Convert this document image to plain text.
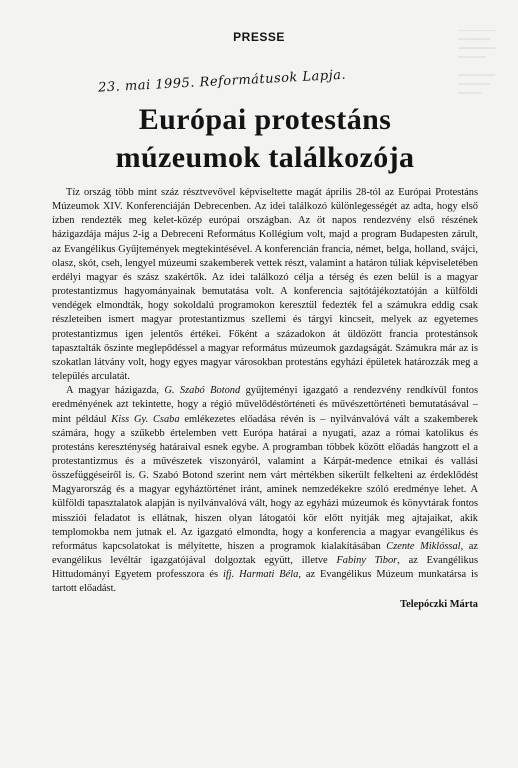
▔▔▔▔▔▔▔▔
▔▔▔▔▔▔▔
▔▔▔▔▔▔▔▔
▔▔▔▔▔▔

▔▔▔▔▔▔▔▔
▔▔▔▔▔▔▔
▔▔▔▔▔

PRESSE
23. mai 1995. Reformátusok Lapja.
Európai protestáns
múzeumok találkozója

Tíz ország több mint száz résztvevővel képviseltette magát április 28-tól az Európai Protestáns Múzeumok XIV. Konferenciáján Debrecenben. Az idei találkozó különlegességét az adta, hogy első ízben rendezték meg kelet-közép európai országban. Az öt napos rendezvény első részének házigazdája május 2-ig a Debreceni Református Kollégium volt, majd a program Budapesten zárult, az Evangélikus Gyűjtemények megtekintésével. A konferencián francia, német, belga, holland, svájci, olasz, skót, cseh, lengyel múzeumi szakemberek vettek részt, valamint a határon túliak képviseletében erdélyi magyar és szász szakértők. Az idei találkozó célja a térség és ezen belül is a magyar protestantizmus hagyományainak bemutatása volt. A konferencia sajtótájékoztatóján a külföldi vendégek elmondták, hogy sokoldalú programokon keresztül fedezték fel a számukra eddig csak részleteiben ismert magyar protestantizmus szellemi és tárgyi kincseit, melyek az egyetemes protestantizmus igen jelentős értékei. Főként a századokon át üldözött francia protestánsok tapasztalták őszinte meglepődéssel a magyar református múzeumok gazdagságát. Számukra már az is szokatlan látvány volt, hogy egyes magyar városokban protestáns egyházi épületek határozzák meg a település arculatát.

A magyar házigazda, G. Szabó Botond gyűjteményi igazgató a rendezvény rendkívül fontos eredményének azt tekintette, hogy a régió művelődéstörténeti és művészettörténeti bemutatásával – mint például Kiss Gy. Csaba emlékezetes előadása révén is – nyilvánvalóvá vált a szakemberek számára, hogy a szűkebb értelemben vett Európa határai a nyugati, azaz a római katolikus és protestáns kereszténység határaival esnek egybe. A programban többek között előadás hangzott el a protestantizmus és a művészetek viszonyáról, valamint a Kárpát-medence etnikai és vallási összefüggéseiről is. G. Szabó Botond szerint nem várt mértékben sikerült felkelteni az érdeklődést Magyarország és a magyar egyháztörténet iránt, aminek nemzedékekre szóló eredménye lehet. A külföldi tapasztalatok alapján is nyilvánvalóvá vált, hogy az egyházi múzeumok és könyvtárak fontos missziói feladatot is ellátnak, hiszen olyan látogatói kör előtt nyitják meg ajtajaikat, akik templomokba nem jutnak el. Az igazgató elmondta, hogy a konferencia a magyar evangélikus és református kapcsolatokat is mélyítette, hiszen a programok kialakításában Czente Miklóssal, az evangélikus levéltár igazgatójával dolgoztak együtt, illetve Fabiny Tibor, az Evangélikus Hittudományi Egyetem professzora és ifj. Harmati Béla, az Evangélikus Múzeum munkatársa is tartott előadást.

Telepóczki Márta
